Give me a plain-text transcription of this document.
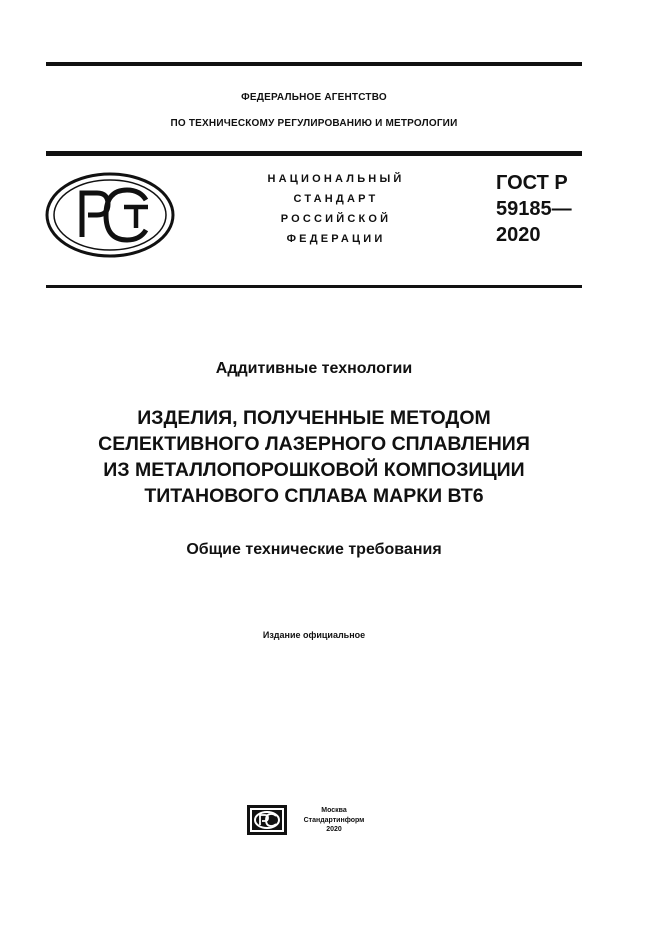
ФЕДЕРАЛЬНОЕ АГЕНТСТВО
ПО ТЕХНИЧЕСКОМУ РЕГУЛИРОВАНИЮ И МЕТРОЛОГИИ
НАЦИОНАЛЬНЫЙ
СТАНДАРТ
РОССИЙСКОЙ
ФЕДЕРАЦИИ
ГОСТ Р
59185—
2020
Аддитивные технологии
ИЗДЕЛИЯ, ПОЛУЧЕННЫЕ МЕТОДОМ
СЕЛЕКТИВНОГО ЛАЗЕРНОГО СПЛАВЛЕНИЯ
ИЗ МЕТАЛЛОПОРОШКОВОЙ КОМПОЗИЦИИ
ТИТАНОВОГО СПЛАВА МАРКИ ВТ6
Общие технические требования
Издание официальное
Москва
Стандартинформ
2020
